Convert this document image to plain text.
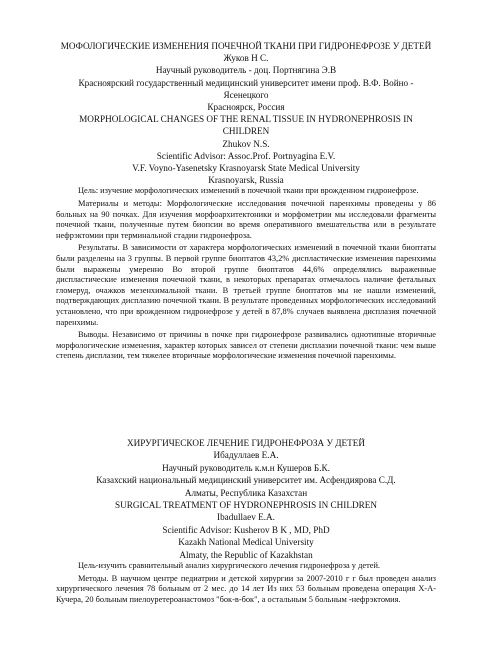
МОФОЛОГИЧЕСКИЕ ИЗМЕНЕНИЯ ПОЧЕЧНОЙ ТКАНИ ПРИ ГИДРОНЕФРОЗЕ У ДЕТЕЙ

Жуков Н С.

Научный руководитель - доц. Портнягина Э.В

Красноярский государственный медицинский университет имени проф. В.Ф. Войно - Ясенецкого

Красноярск, Россия

MORPHOLOGICAL CHANGES OF THE RENAL TISSUE IN HYDRONEPHROSIS IN CHILDREN

Zhukov N.S.

Scientific Advisor: Assoc.Prof. Portnyagina E.V.

V.F. Voyno-Yasenetsky Krasnoyarsk State Medical University

Krasnoyarsk, Russia

Цель: изучение морфологических изменений в почечной ткани при врожденном гидронефрозе.

Материалы и методы: Морфологические исследования почечной паренхимы проведены у 86 больных на 90 почках. Для изучения морфоархитектоники и морфометрии мы исследовали фрагменты почечной ткани, полученные путем биопсии во время оперативного вмешательства или в результате нефрэктомии при терминальной стадии гидронефроза.

Результаты. В зависимости от характера морфологических изменений в почечной ткани биоптаты были разделены на 3 группы. В первой группе биоптатов 43,2% диспластические изменения паренхимы были выражены умеренно Во второй группе биоптатов 44,6% определялись выраженные диспластические изменения почечной ткани, в некоторых препаратах отмечалось наличие фетальных гломеруд, очажков мезенхимальной ткани. В третьей группе биоптатов мы не нашли изменений, подтверждающих дисплазию почечной ткани. В результате проведенных морфологических исследований установлено, что при врожденном гидронефрозе у детей в 87,8% случаев выявлена дисплазия почечной паренхимы.

Выводы. Независимо от причины в почке при гидронефрозе развивались однотипные вторичные морфологические изменения, характер которых зависел от степени дисплазии почечной ткани: чем выше степень дисплазии, тем тяжелее вторичные морфологические изменения почечной паренхимы.

ХИРУРГИЧЕСКОЕ ЛЕЧЕНИЕ ГИДРОНЕФРОЗА У ДЕТЕЙ

Ибадуллаев Е.А.

Научный руководитель к.м.н Кушеров Б.К.

Казахский национальный медицинский университет им. Асфендиярова С.Д.

Алматы, Республика Казахстан

SURGICAL TREATMENT OF HYDRONEPHROSIS IN CHILDREN

Ibadullaev E.A.

Scientific Advisor: Kusherov B K , MD, PhD

Kazakh National Medical University

Almaty, the Republic of Kazakhstan

Цель-изучить сравнительный анализ хирургического лечения гидронефроза у детей.

Методы. В научном центре педиатрии и детской хирургии за 2007-2010 г г был проведен анализ хирургического лечения 78 больным от 2 мес. до 14 лет Из них 53 больным проведена операция Х-А-Кучера, 20 больным пиелоуретероанастомоз "бок-в-бок", а остальным 5 больным -нефрэктомия.
